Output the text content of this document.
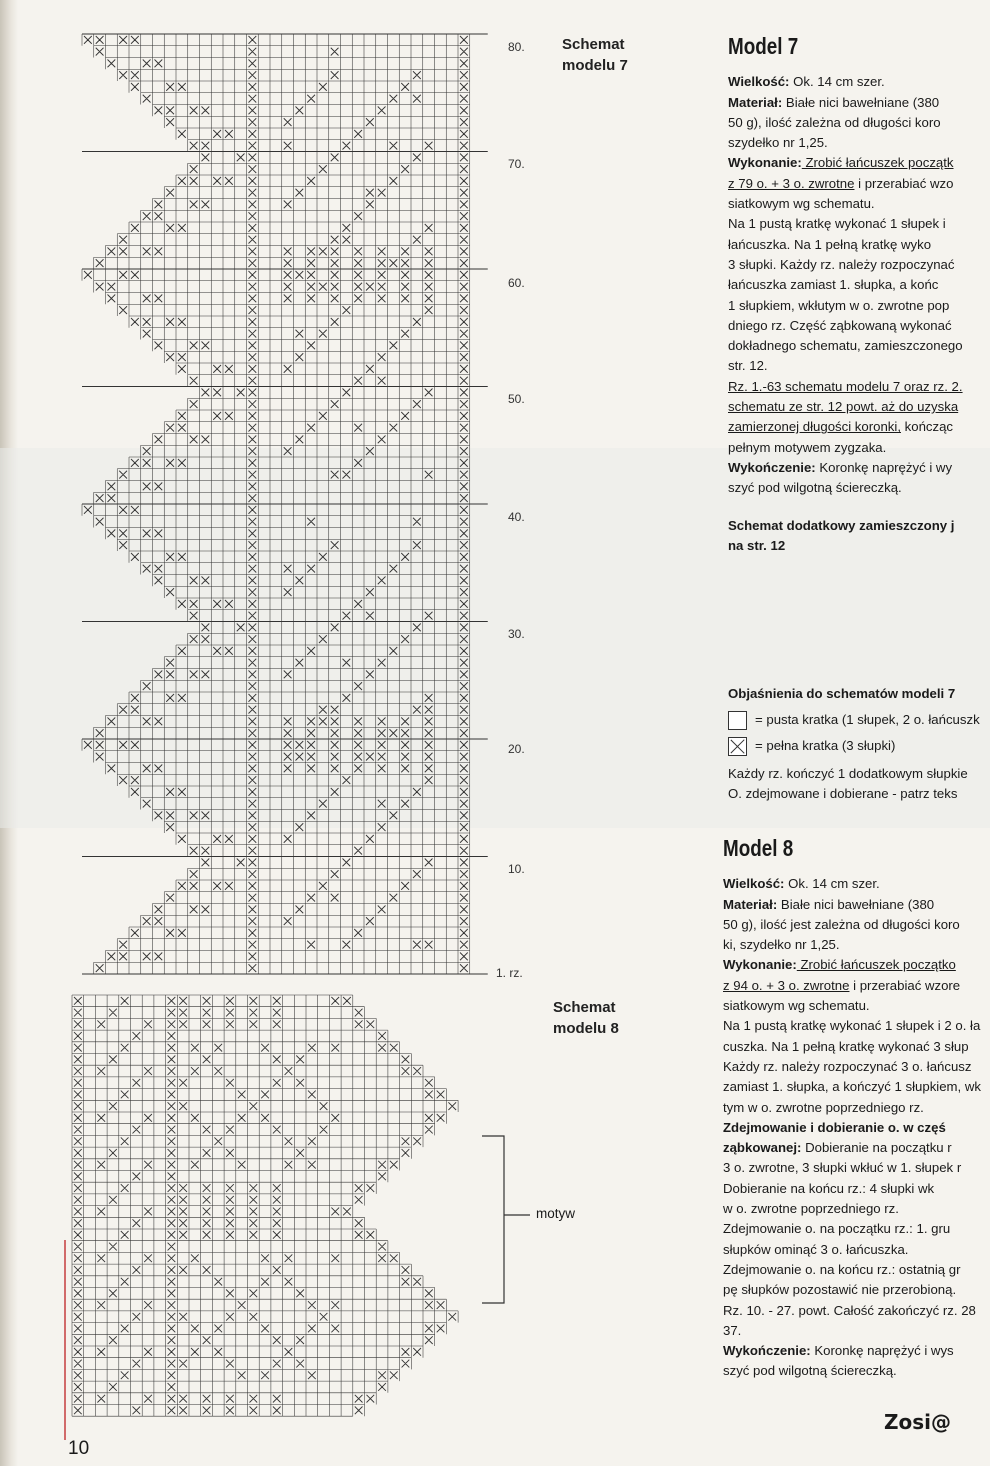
80.
70.
60.
50.
40.
30.
20.
10.
1. rz.
Schemat
modelu 7
Schemat
modelu 8
motyw
Model 7

Wielkość: Ok. 14 cm szer.

Materiał: Białe nici bawełniane (380

50 g), ilość zależna od długości koro

szydełko nr 1,25.

Wykonanie: Zrobić łańcuszek początk

z 79 o. + 3 o. zwrotne i przerabiać wzo

siatkowym wg schematu.

Na 1 pustą kratkę wykonać 1 słupek i

łańcuszka. Na 1 pełną kratkę wyko

3 słupki. Każdy rz. należy rozpoczynać

łańcuszka zamiast 1. słupka, a końc

1 słupkiem, wkłutym w o. zwrotne pop

dniego rz. Część ząbkowaną wykonać

dokładnego schematu, zamieszczonego

str. 12.

Rz. 1.-63 schematu modelu 7 oraz rz. 2.

schematu ze str. 12 powt. aż do uzyska

zamierzonej długości koronki, kończąc

pełnym motywem zygzaka.

Wykończenie: Koronkę naprężyć i wy

szyć pod wilgotną ściereczką.

Schemat dodatkowy zamieszczony j

na str. 12

Objaśnienia do schematów modeli 7

= pusta kratka (1 słupek, 2 o. łańcuszk

= pełna kratka (3 słupki)

Każdy rz. kończyć 1 dodatkowym słupkie

O. zdejmowane i dobierane - patrz teks

Model 8

Wielkość: Ok. 14 cm szer.

Materiał: Białe nici bawełniane (380

50 g), ilość jest zależna od długości koro

ki, szydełko nr 1,25.

Wykonanie: Zrobić łańcuszek początko

z 94 o. + 3 o. zwrotne i przerabiać wzore

siatkowym wg schematu.

Na 1 pustą kratkę wykonać 1 słupek i 2 o. ła

cuszka. Na 1 pełną kratkę wykonać 3 słup

Każdy rz. należy rozpoczynać 3 o. łańcusz

zamiast 1. słupka, a kończyć 1 słupkiem, wk

tym w o. zwrotne poprzedniego rz.

Zdejmowanie i dobieranie o. w częś

ząbkowanej: Dobieranie na początku r

3 o. zwrotne, 3 słupki wkłuć w 1. słupek r

Dobieranie na końcu rz.: 4 słupki wk

w o. zwrotne poprzedniego rz.

Zdejmowanie o. na początku rz.: 1. gru

słupków ominąć 3 o. łańcuszka.

Zdejmowanie o. na końcu rz.: ostatnią gr

pę słupków pozostawić nie przerobioną.

Rz. 10. - 27. powt. Całość zakończyć rz. 28

37.

Wykończenie: Koronkę naprężyć i wys

szyć pod wilgotną ściereczką.

10
Zosi@
